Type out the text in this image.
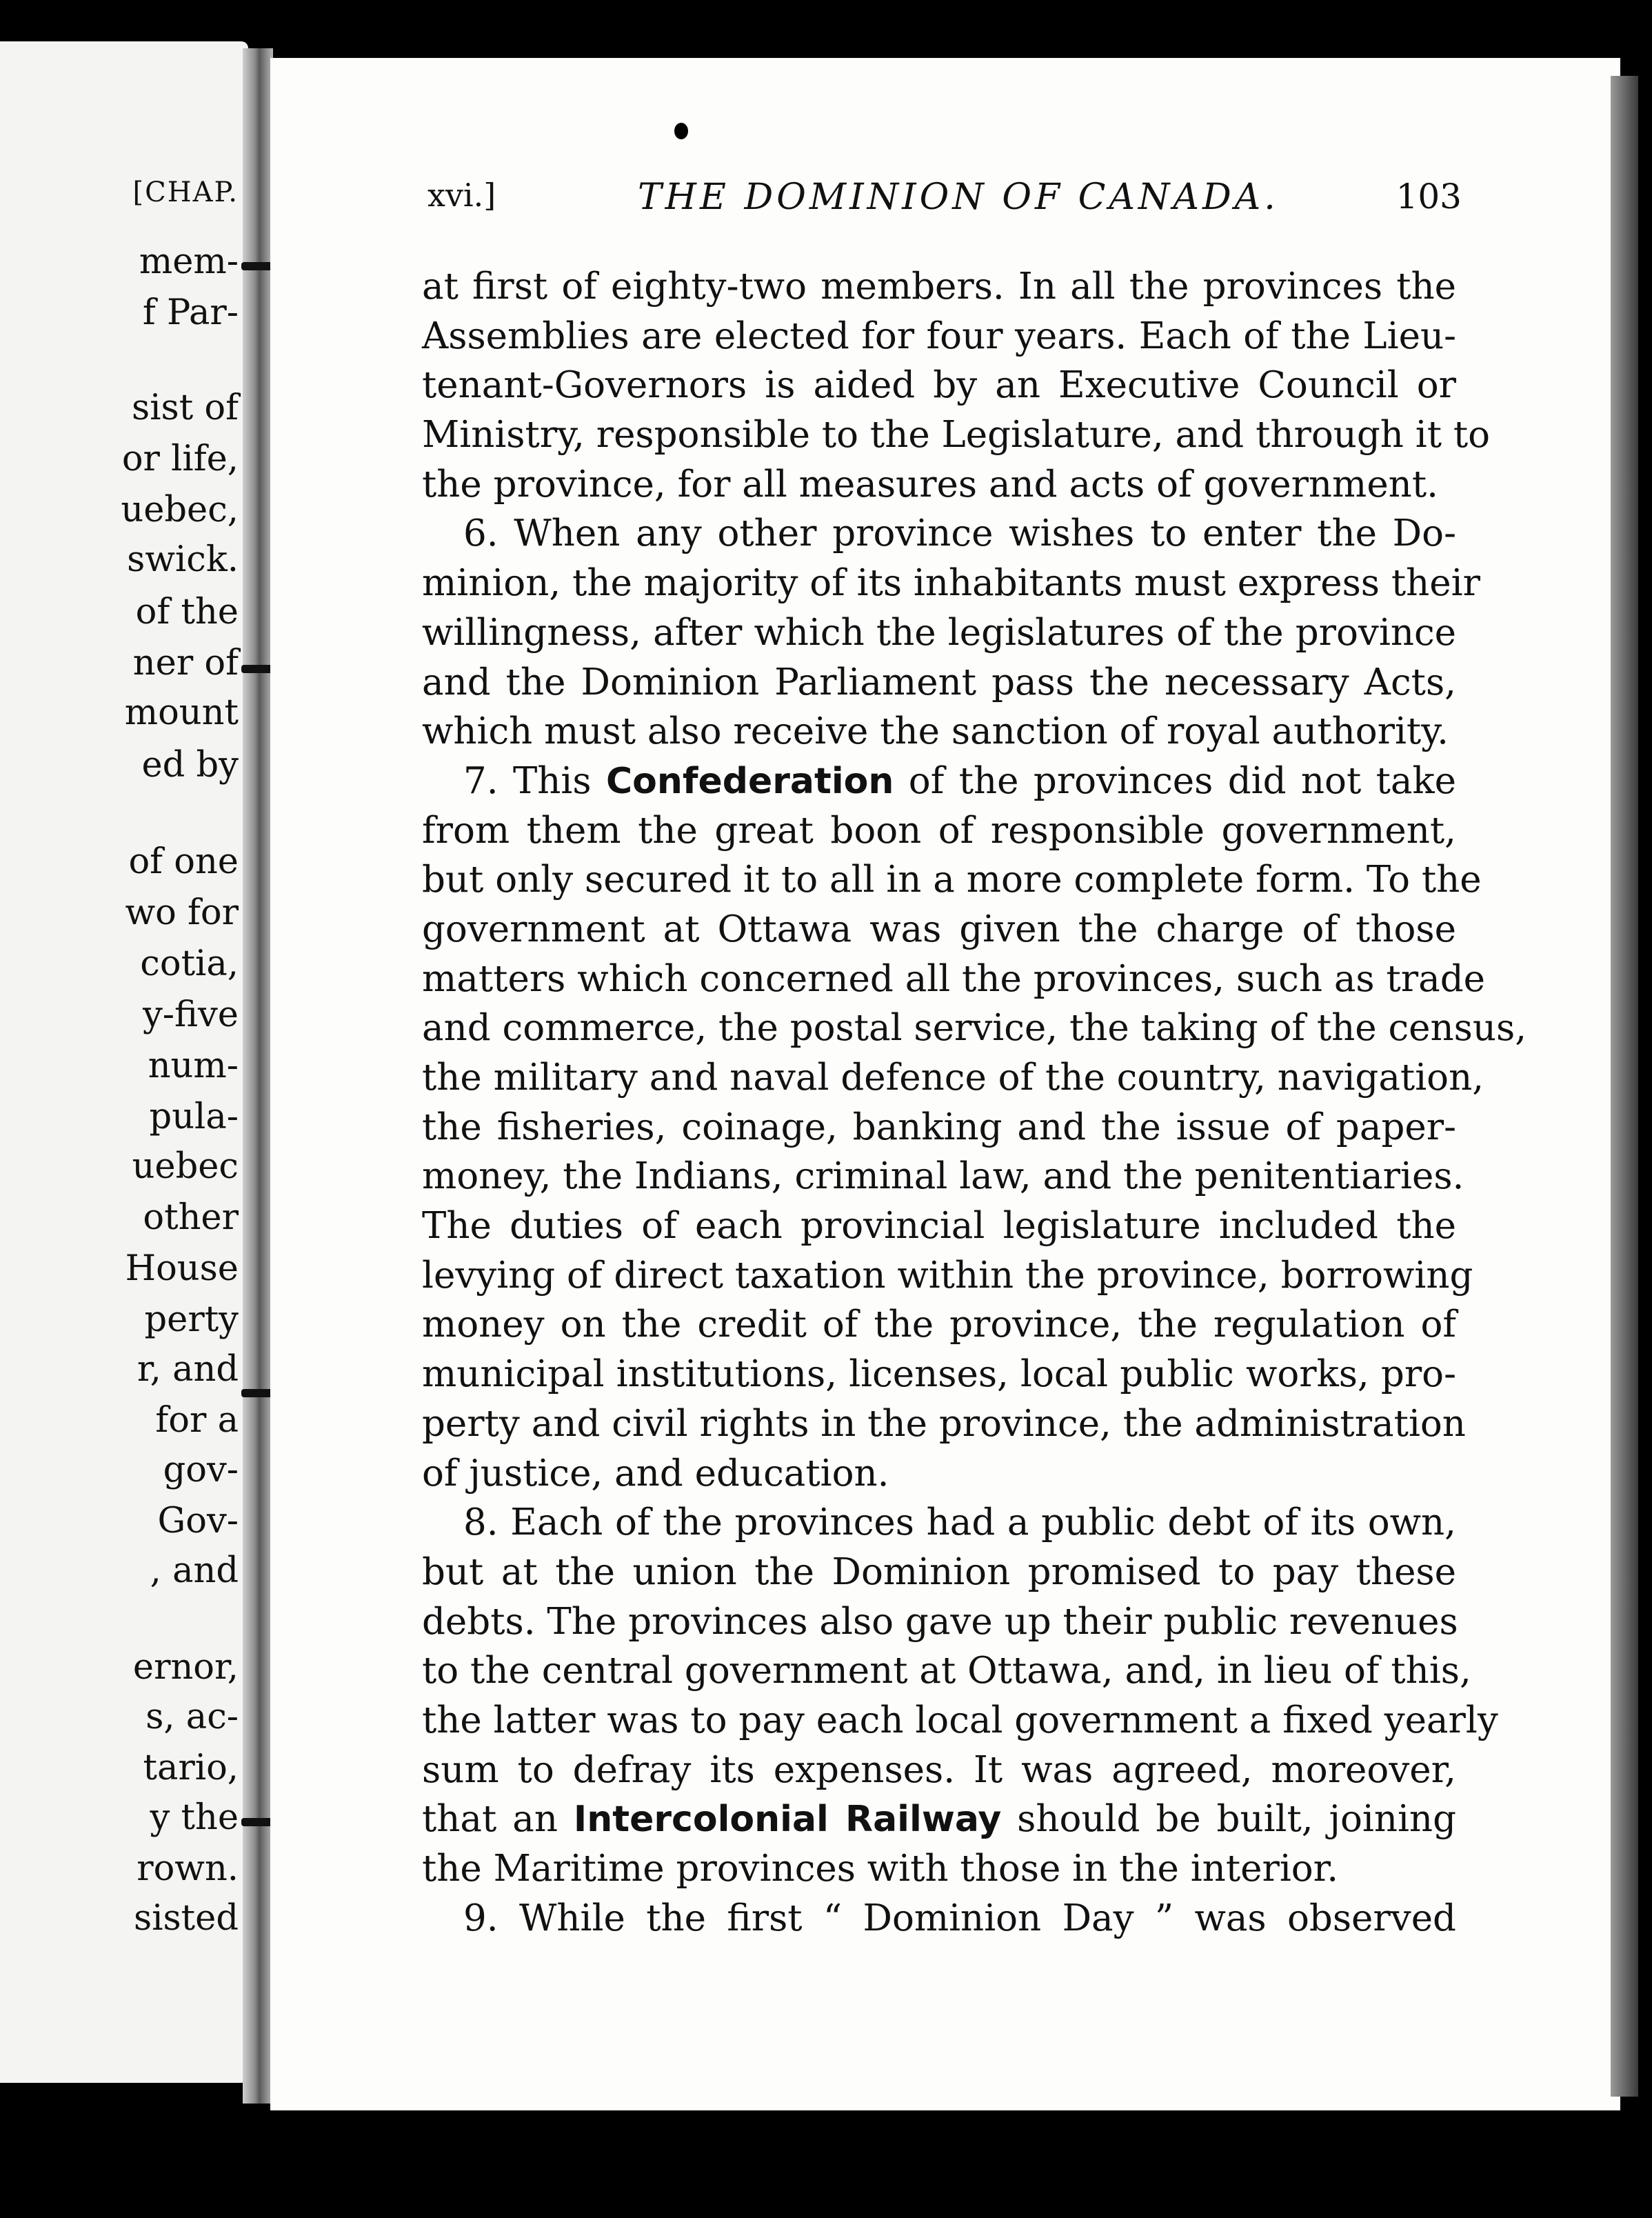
[CHAP.
mem-
f Par-
sist of
or life,
uebec,
swick.
of the
ner of
mount
ed by
of one
wo for
cotia,
y-five
num-
pula-
uebec
other
House
perty
r, and
for a
gov-
Gov-
, and
ernor,
s, ac-
tario,
y the
rown.
sisted
xvi.]	THE DOMINION OF CANADA.	103
at first of eighty-two members. In all the provinces the
Assemblies are elected for four years. Each of the Lieu-
tenant-Governors is aided by an Executive Council or
Ministry, responsible to the Legislature, and through it to
the province, for all measures and acts of government.
6. When any other province wishes to enter the Do-
minion, the majority of its inhabitants must express their
willingness, after which the legislatures of the province
and the Dominion Parliament pass the necessary Acts,
which must also receive the sanction of royal authority.
7. This Confederation of the provinces did not take
from them the great boon of responsible government,
but only secured it to all in a more complete form. To the
government at Ottawa was given the charge of those
matters which concerned all the provinces, such as trade
and commerce, the postal service, the taking of the census,
the military and naval defence of the country, navigation,
the fisheries, coinage, banking and the issue of paper-
money, the Indians, criminal law, and the penitentiaries.
The duties of each provincial legislature included the
levying of direct taxation within the province, borrowing
money on the credit of the province, the regulation of
municipal institutions, licenses, local public works, pro-
perty and civil rights in the province, the administration
of justice, and education.
8. Each of the provinces had a public debt of its own,
but at the union the Dominion promised to pay these
debts. The provinces also gave up their public revenues
to the central government at Ottawa, and, in lieu of this,
the latter was to pay each local government a fixed yearly
sum to defray its expenses. It was agreed, moreover,
that an Intercolonial Railway should be built, joining
the Maritime provinces with those in the interior.
9. While the first “ Dominion Day ” was observed
